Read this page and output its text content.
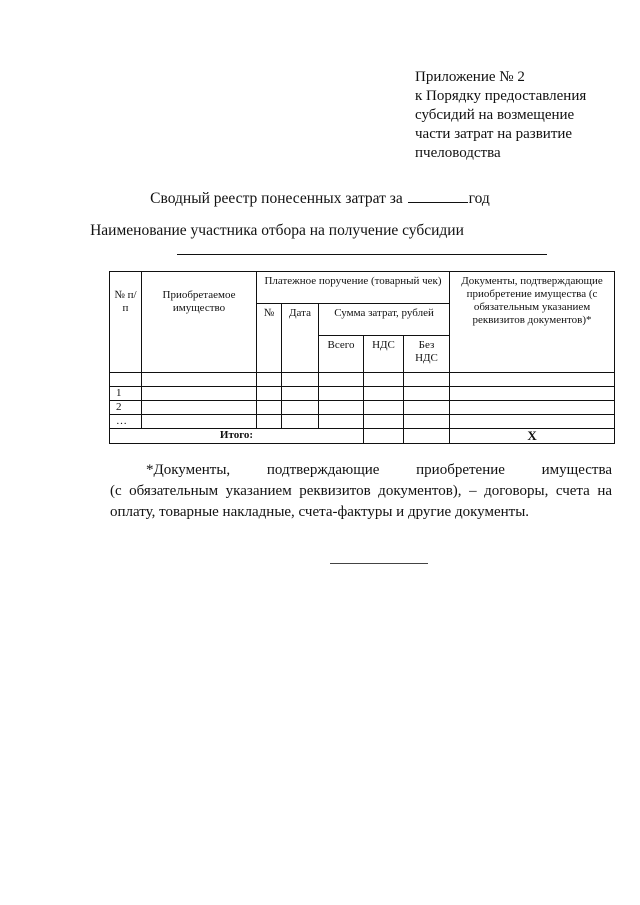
Приложение № 2
к Порядку предоставления
субсидий на возмещение
части затрат на развитие
пчеловодства
Сводный реестр понесенных затрат за	год
Наименование участника отбора на получение субсидии
№ п/п	Приобретаемое имущество	Платежное поручение (товарный чек)					Документы, подтверждающие приобретение имущества (с обязательным указанием реквизитов документов)*
		№	Дата	Сумма затрат, рублей			
				Всего	НДС	Без НДС	

1							
2							
…							
Итого:							Х

*Документы, подтверждающие приобретение имущества

(с обязательным указанием реквизитов документов), – договоры, счета на оплату, товарные накладные, счета-фактуры и другие документы.
